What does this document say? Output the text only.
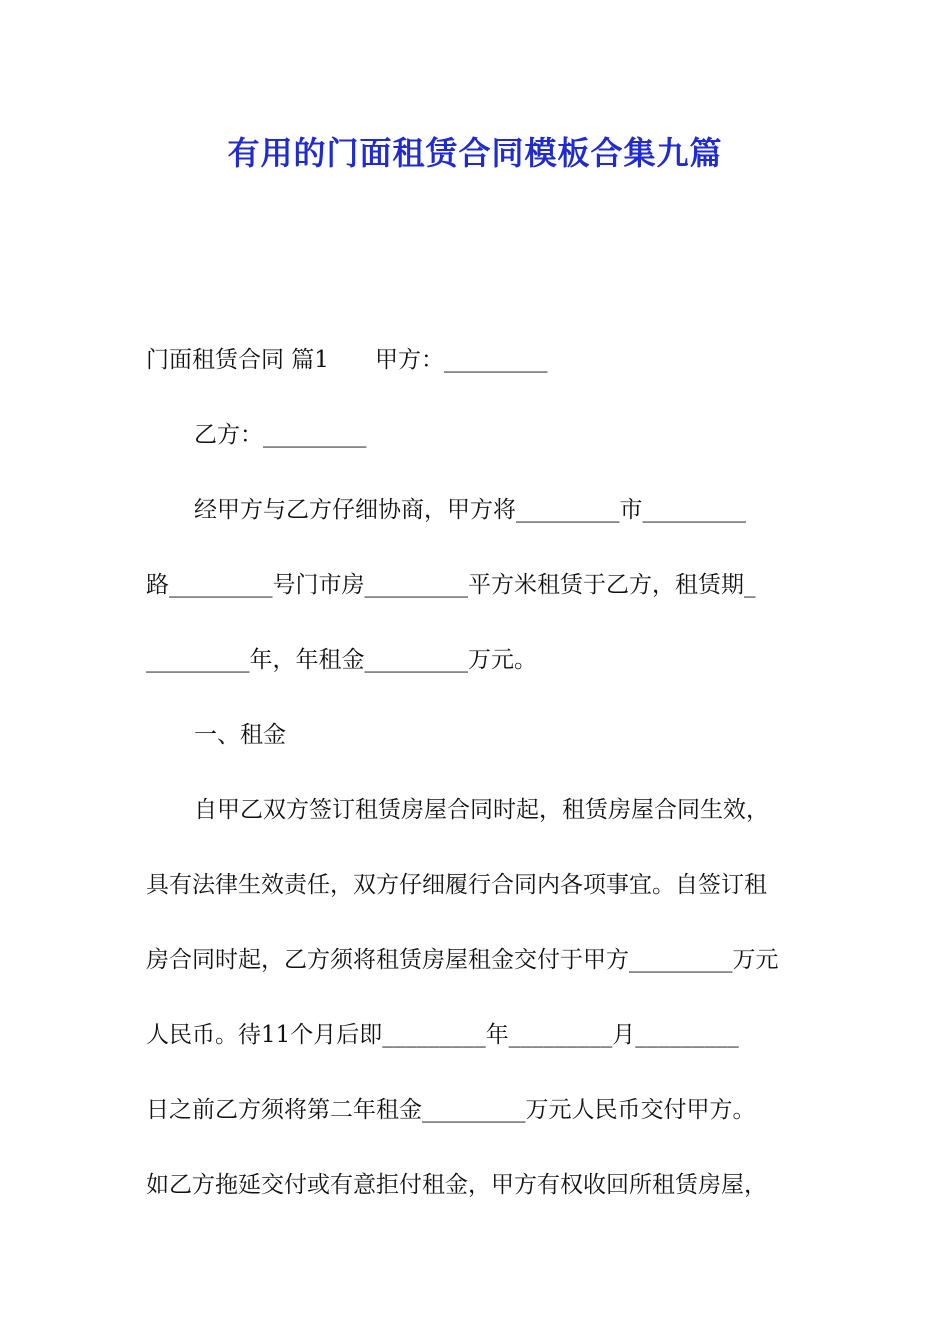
有用的门面租赁合同模板合集九篇

门面租赁合同 篇1 甲方：_________

乙方：_________

经甲方与乙方仔细协商，甲方将_________市_________

路_________号门市房_________平方米租赁于乙方，租赁期_

_________年，年租金_________万元。

一、租金

自甲乙双方签订租赁房屋合同时起，租赁房屋合同生效，

具有法律生效责任，双方仔细履行合同内各项事宜。自签订租

房合同时起，乙方须将租赁房屋租金交付于甲方_________万元

人民币。待11个月后即_________年_________月_________

日之前乙方须将第二年租金_________万元人民币交付甲方。

如乙方拖延交付或有意拒付租金，甲方有权收回所租赁房屋，
